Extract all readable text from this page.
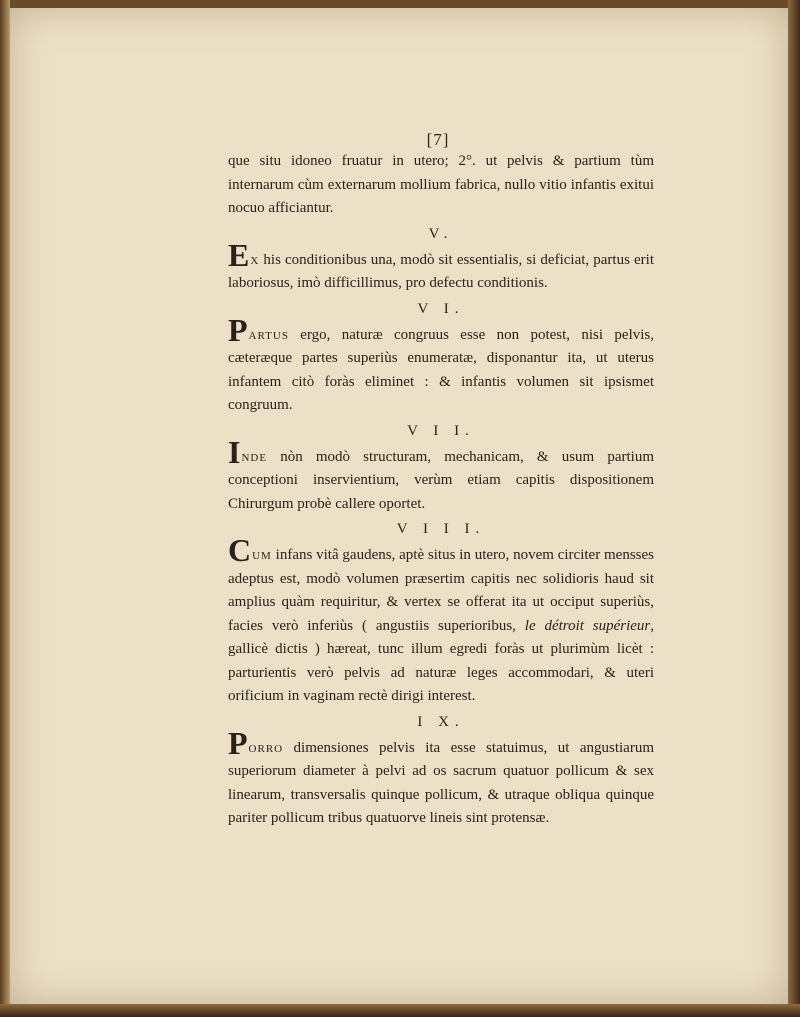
[7]

que situ idoneo fruatur in utero; 2°. ut pelvis & partium tùm internarum cùm externarum mollium fabrica, nullo vitio infantis exitui nocuo afficiantur.

V.

Ex his conditionibus una, modò sit essentialis, si deficiat, partus erit laboriosus, imò difficillimus, pro defectu conditionis.

V I.

Partus ergo, naturæ congruus esse non potest, nisi pelvis, cæteræque partes superiùs enumeratæ, disponantur ita, ut uterus infantem citò foràs eliminet : & infantis volumen sit ipsismet congruum.

V I I.

Inde nòn modò structuram, mechanicam, & usum partium conceptioni inservientium, verùm etiam capitis dispositionem Chirurgum probè callere oportet.

V I I I.

Cum infans vitâ gaudens, aptè situs in utero, novem circiter mensses adeptus est, modò volumen præsertim capitis nec solidioris haud sit amplius quàm requiritur, & vertex se offerat ita ut occiput superiùs, facies verò inferiùs ( angustiis superioribus, le détroit supérieur, gallicè dictis ) hæreat, tunc illum egredi foràs ut plurimùm licèt : parturientis verò pelvis ad naturæ leges accommodari, & uteri orificium in vaginam rectè dirigi interest.

I X.

Porro dimensiones pelvis ita esse statuimus, ut angustiarum superiorum diameter à pelvi ad os sacrum quatuor pollicum & sex linearum, transversalis quinque pollicum, & utraque obliqua quinque pariter pollicum tribus quatuorve lineis sint protensæ.
